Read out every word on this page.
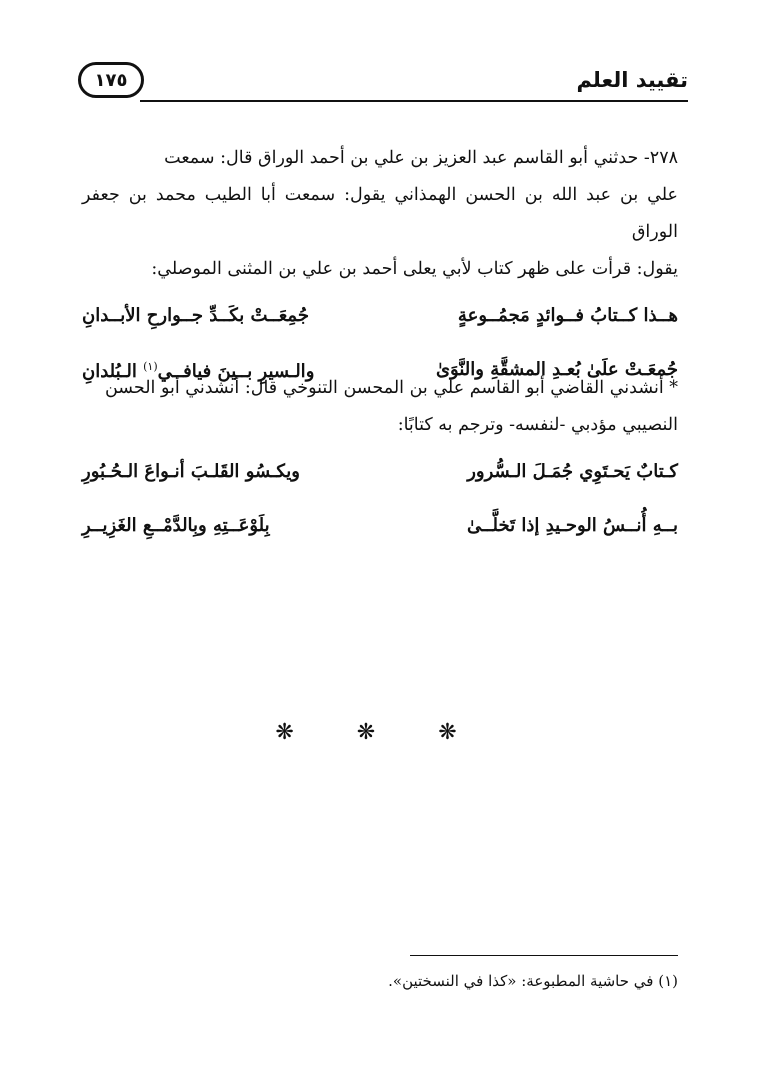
تقييد العلم
١٧٥

٢٧٨- حدثني أبو القاسم عبد العزيز بن علي بن أحمد الوراق قال: سمعت

علي بن عبد الله بن الحسن الهمذاني يقول: سمعت أبا الطيب محمد بن جعفر الوراق

يقول: قرأت على ظهر كتاب لأبي يعلى أحمد بن علي بن المثنى الموصلي:

هــذا كــتابُ فــوائدٍ مَجمُــوعةٍ
جُمِعَــتْ بكَــدِّ جــوارحِ الأبــدانِ
جُمعَـتْ علَىٰ بُعـدِ المشقَّةِ والنَّوَىٰ
والـسيرِ بــينَ فيافــي$^{(١)}$ الـبُلدانِ

* أنشدني القاضي أبو القاسم علي بن المحسن التنوخي قال: أنشدني أبو الحسن

النصيبي مؤدبي -لنفسه- وترجم به كتابًا:

كـتابٌ يَحـتَوِي جُمَـلَ الـسُّرور
ويكـسُو القَلـبَ أنـواعَ الـحُـبُورِ
بــهِ أُنــسُ الوحـيدِ إذا تَخلَّــىٰ
بِلَوْعَــتِهِ وبِالدَّمْــعِ الغَزِيــرِ
❋ ❋ ❋
(١) في حاشية المطبوعة: «كذا في النسختين».
